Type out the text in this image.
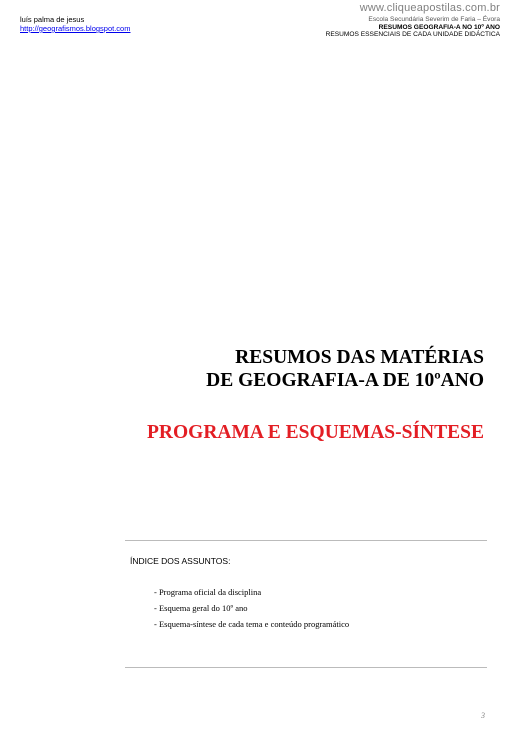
www.cliqueapostilas.com.br
luís palma de jesus
http://geografismos.blogspot.com
Escola Secundária Severim de Faria – Évora
RESUMOS GEOGRAFIA-A NO 10º ANO
RESUMOS ESSENCIAIS DE CADA UNIDADE DIDÁCTICA
RESUMOS DAS MATÉRIAS
DE GEOGRAFIA-A DE 10ºANO
PROGRAMA E ESQUEMAS-SÍNTESE
ÍNDICE DOS ASSUNTOS:
- Programa oficial da disciplina
- Esquema geral do 10º ano
- Esquema-síntese de cada tema e conteúdo programático
3
